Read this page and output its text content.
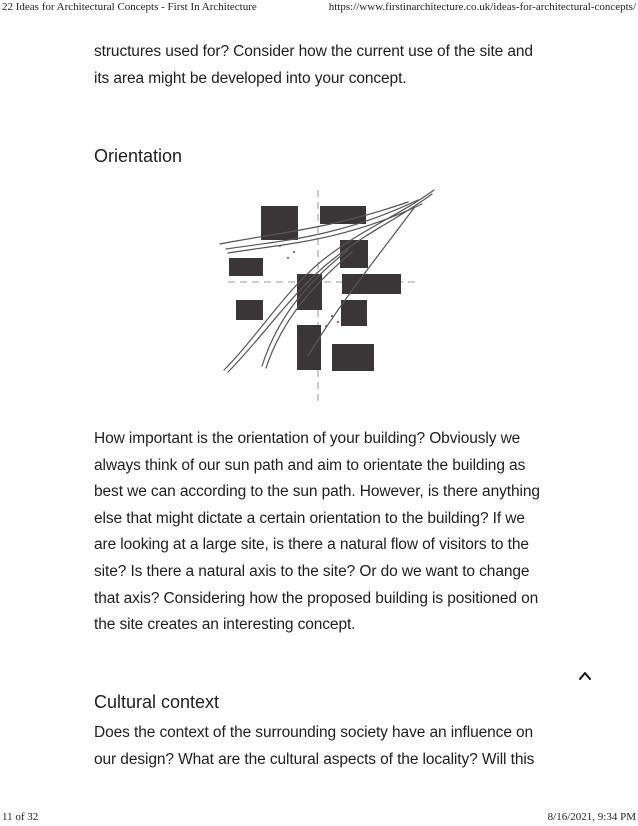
22 Ideas for Architectural Concepts - First In Architecture	https://www.firstinarchitecture.co.uk/ideas-for-architectural-concepts/

structures used for? Consider how the current use of the site and its area might be developed into your concept.

Orientation

How important is the orientation of your building? Obviously we always think of our sun path and aim to orientate the building as best we can according to the sun path. However, is there anything else that might dictate a certain orientation to the building? If we are looking at a large site, is there a natural flow of visitors to the site? Is there a natural axis to the site? Or do we want to change that axis? Considering how the proposed building is positioned on the site creates an interesting concept.

Cultural context

Does the context of the surrounding society have an influence on our design? What are the cultural aspects of the locality? Will this

11 of 32	8/16/2021, 9:34 PM
